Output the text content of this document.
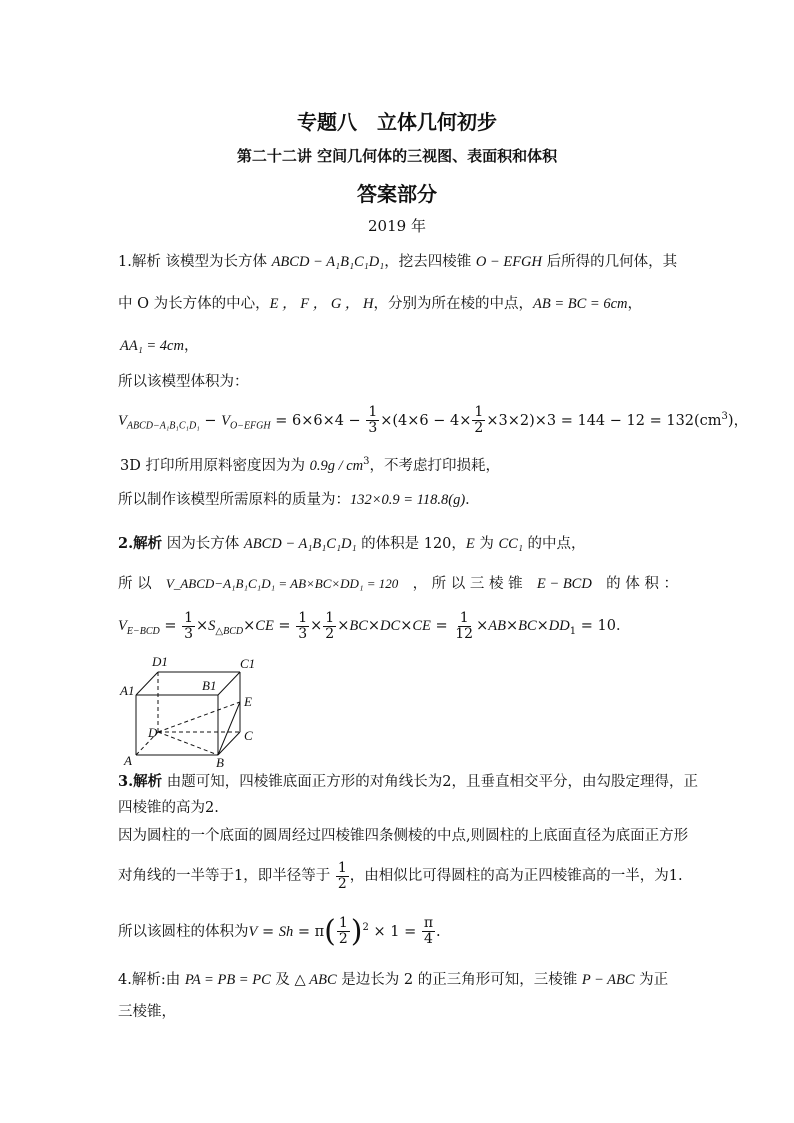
专题八　立体几何初步
第二十二讲 空间几何体的三视图、表面积和体积
答案部分
2019 年
1.解析 该模型为长方体 ABCD − A₁B₁C₁D₁，挖去四棱锥 O − EFGH 后所得的几何体，其
中 O 为长方体的中心，E ， F ， G ， H，分别为所在棱的中点，AB = BC = 6cm，
AA₁ = 4cm，
所以该模型体积为：
$V_{ABCD-A_1B_1C_1D_1} - V_{O-EFGH} = 6\times 6\times 4 - \frac{1}{3} \times(4\times 6 - 4\times \frac{1}{2} \times 3\times 2)\times 3 = 144 - 12 = 132(cm^3)$，
3D 打印所用原料密度因为为 $0.9g / cm^3$，不考虑打印损耗，
所以制作该模型所需原料的质量为：132×0.9 = 118.8(g)．
2.解析 因为长方体 ABCD − A₁B₁C₁D₁ 的体积是 120，E 为 CC₁ 的中点，
所 以 V_ABCD−A₁B₁C₁D₁ = AB×BC×DD₁ = 120 ， 所 以 三 棱 锥 E − BCD 的 体 积 ：
$V_{E-BCD} = \frac{1}{3} \times S_{\triangle BCD}\times CE = \frac{1}{3} \times \frac{1}{2} \times BC\times DC\times CE = \frac{1}{12} \times AB\times BC\times DD_1 = 10$．
D1	C1
A1	B1
E
D	C
A	B
3.解析 由题可知，四棱锥底面正方形的对角线长为2，且垂直相交平分，由勾股定理得，正
四棱锥的高为2.
因为圆柱的一个底面的圆周经过四棱锥四条侧棱的中点,则圆柱的上底面直径为底面正方形
对角线的一半等于1，即半径等于 $\frac{1}{2}$ ，由相似比可得圆柱的高为正四棱锥高的一半，为1.
所以该圆柱的体积为$V = Sh = \pi( \frac{1}{2} )^2 \times 1 = \frac{\pi}{4}$ .
4.解析:由 PA = PB = PC 及 △ ABC 是边长为 2 的正三角形可知，三棱锥 P − ABC 为正
三棱锥，
